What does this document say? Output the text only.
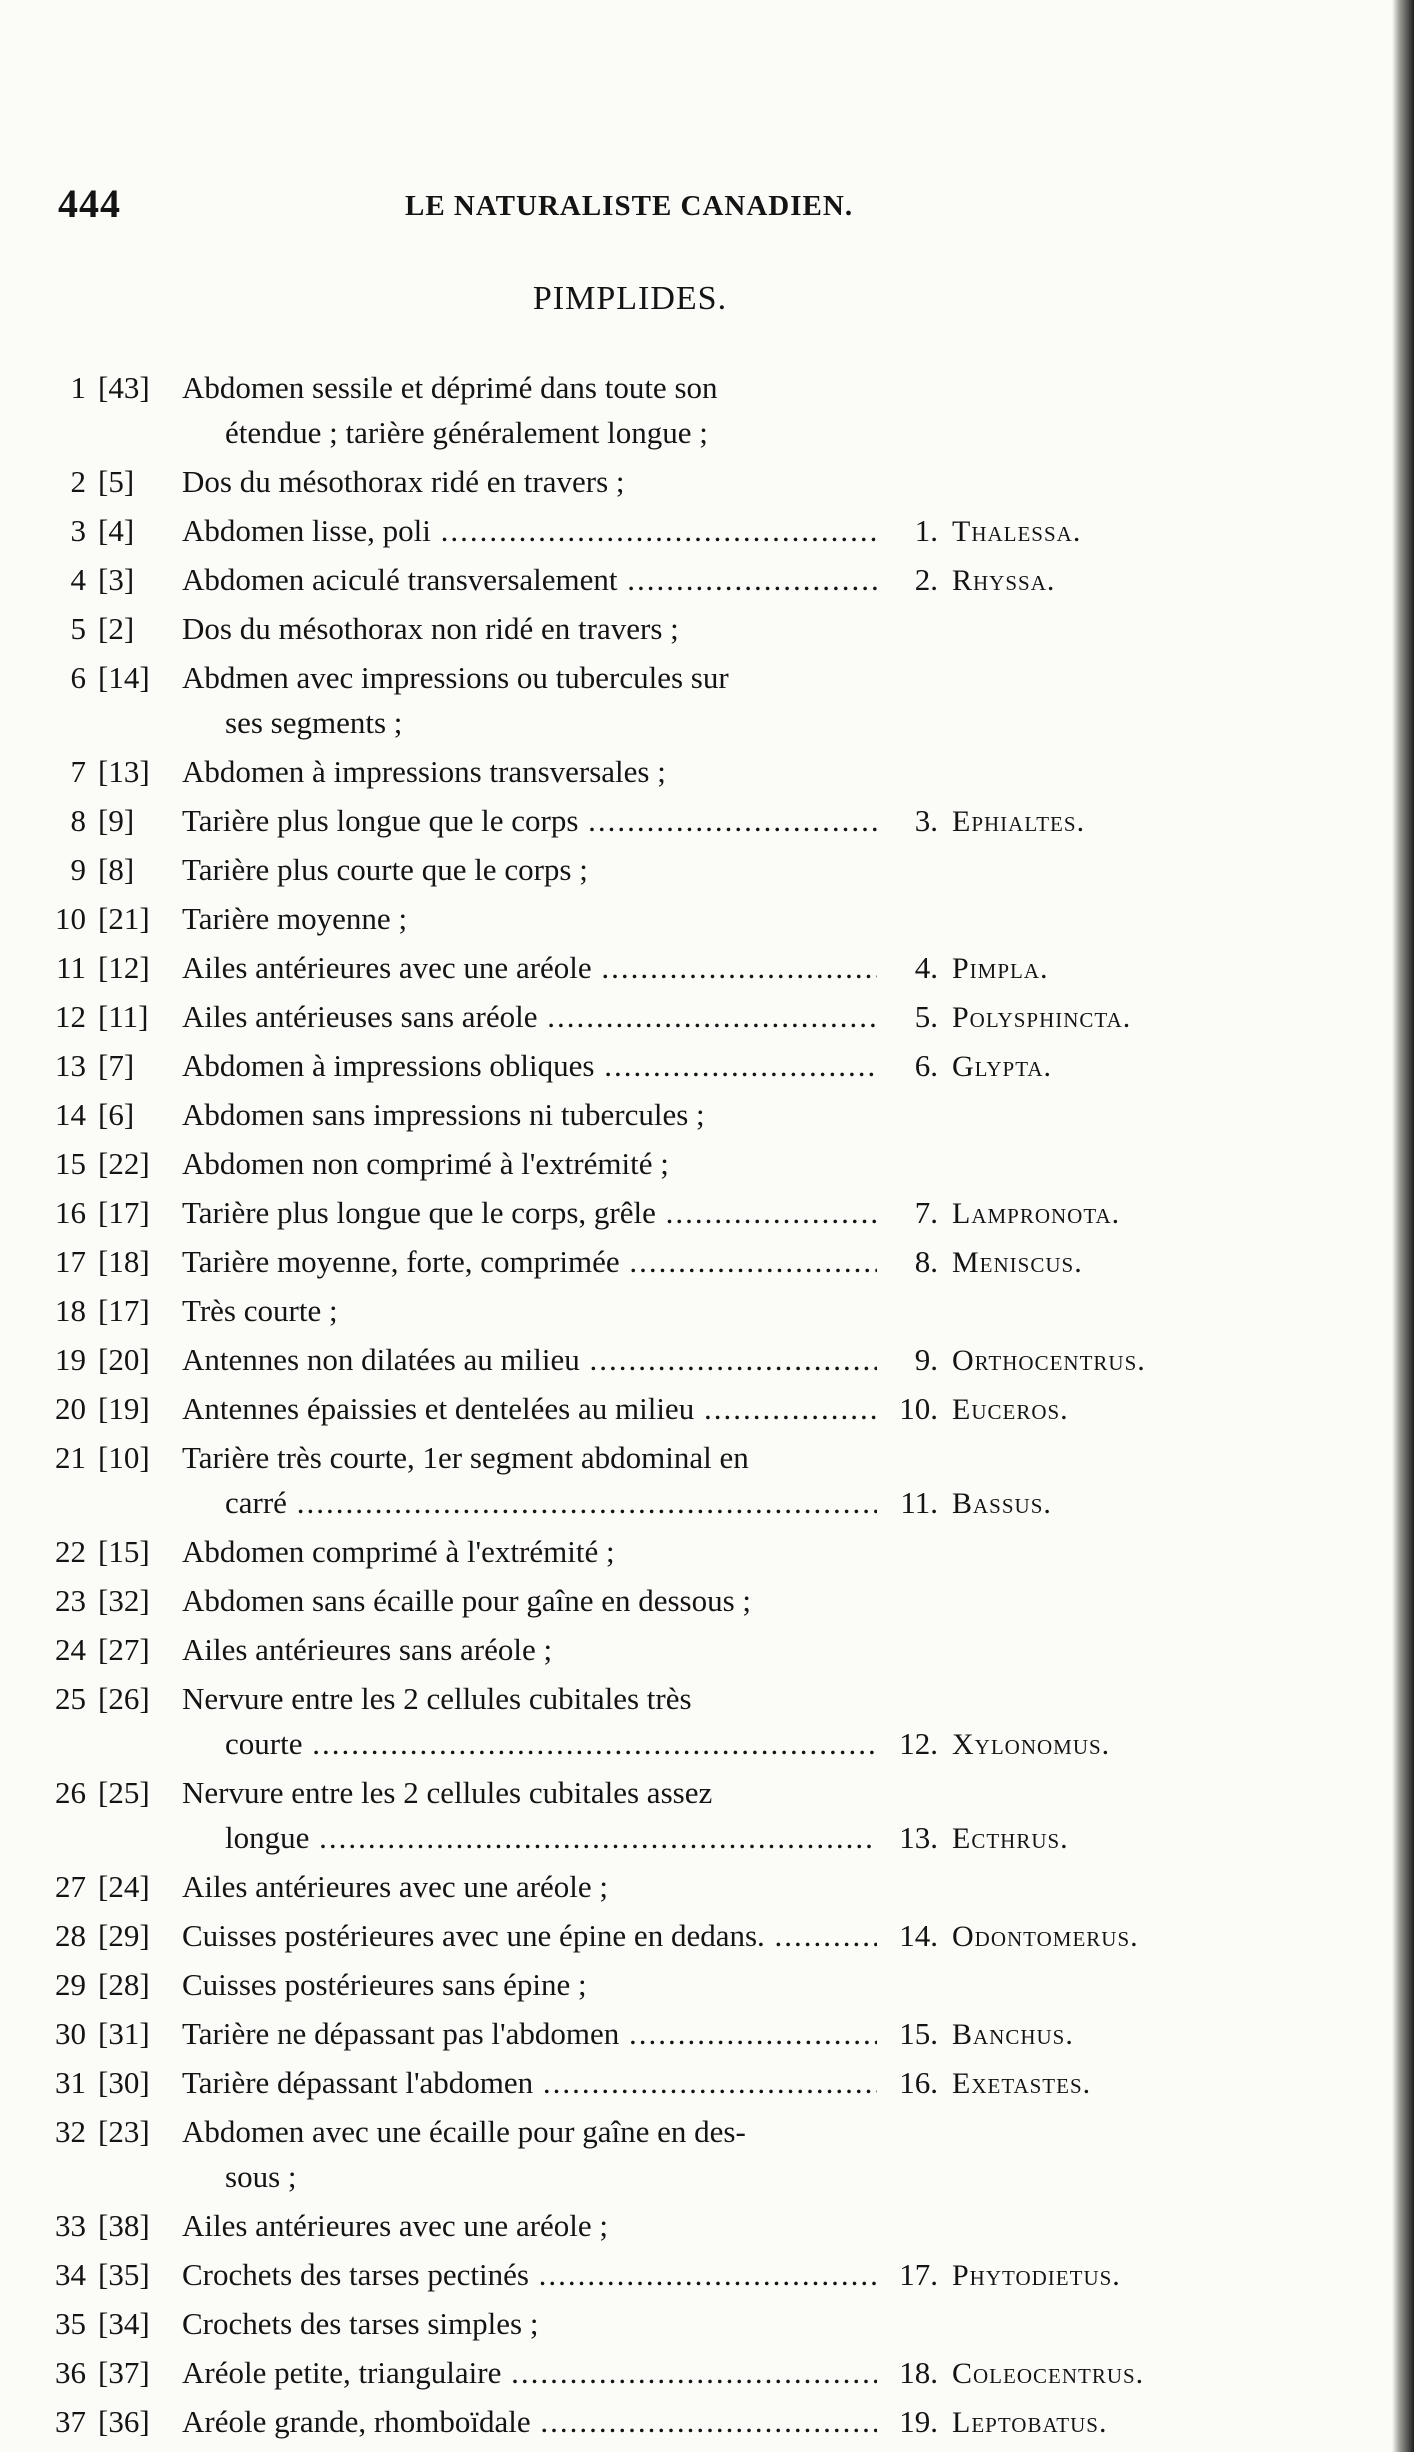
444	LE NATURALISTE CANADIEN.
PIMPLIDES.
1 [43] Abdomen sessile et déprimé dans toute son
étendue ; tarière généralement longue ;
2 [5] Dos du mésothorax ridé en travers ;
3 [4] Abdomen lisse, poli .....	1. Thalessa.
4 [3] Abdomen aciculé transversalement .....	2. Rhyssa.
5 [2] Dos du mésothorax non ridé en travers ;
6 [14] Abdmen avec impressions ou tubercules sur
ses segments ;
7 [13] Abdomen à impressions transversales ;
8 [9] Tarière plus longue que le corps .....	3. Ephialtes.
9 [8] Tarière plus courte que le corps ;
10 [21] Tarière moyenne ;
11 [12] Ailes antérieures avec une aréole .....	4. Pimpla.
12 [11] Ailes antérieuses sans aréole .....	5. Polysphincta.
13 [7] Abdomen à impressions obliques .....	6. Glypta.
14 [6] Abdomen sans impressions ni tubercules ;
15 [22] Abdomen non comprimé à l'extrémité ;
16 [17] Tarière plus longue que le corps, grêle .....	7. Lampronota.
17 [18] Tarière moyenne, forte, comprimée .....	8. Meniscus.
18 [17] Très courte ;
19 [20] Antennes non dilatées au milieu .....	9. Orthocentrus.
20 [19] Antennes épaissies et dentelées au milieu .....	10. Euceros.
21 [10] Tarière très courte, 1er segment abdominal en
carré .....	11. Bassus.
22 [15] Abdomen comprimé à l'extrémité ;
23 [32] Abdomen sans écaille pour gaîne en dessous ;
24 [27] Ailes antérieures sans aréole ;
25 [26] Nervure entre les 2 cellules cubitales très
courte .....	12. Xylonomus.
26 [25] Nervure entre les 2 cellules cubitales assez
longue .....	13. Ecthrus.
27 [24] Ailes antérieures avec une aréole ;
28 [29] Cuisses postérieures avec une épine en dedans. .....	14. Odontomerus.
29 [28] Cuisses postérieures sans épine ;
30 [31] Tarière ne dépassant pas l'abdomen .....	15. Banchus.
31 [30] Tarière dépassant l'abdomen .....	16. Exetastes.
32 [23] Abdomen avec une écaille pour gaîne en des-
sous ;
33 [38] Ailes antérieures avec une aréole ;
34 [35] Crochets des tarses pectinés .....	17. Phytodietus.
35 [34] Crochets des tarses simples ;
36 [37] Aréole petite, triangulaire .....	18. Coleocentrus.
37 [36] Aréole grande, rhomboïdale .....	19. Leptobatus.
